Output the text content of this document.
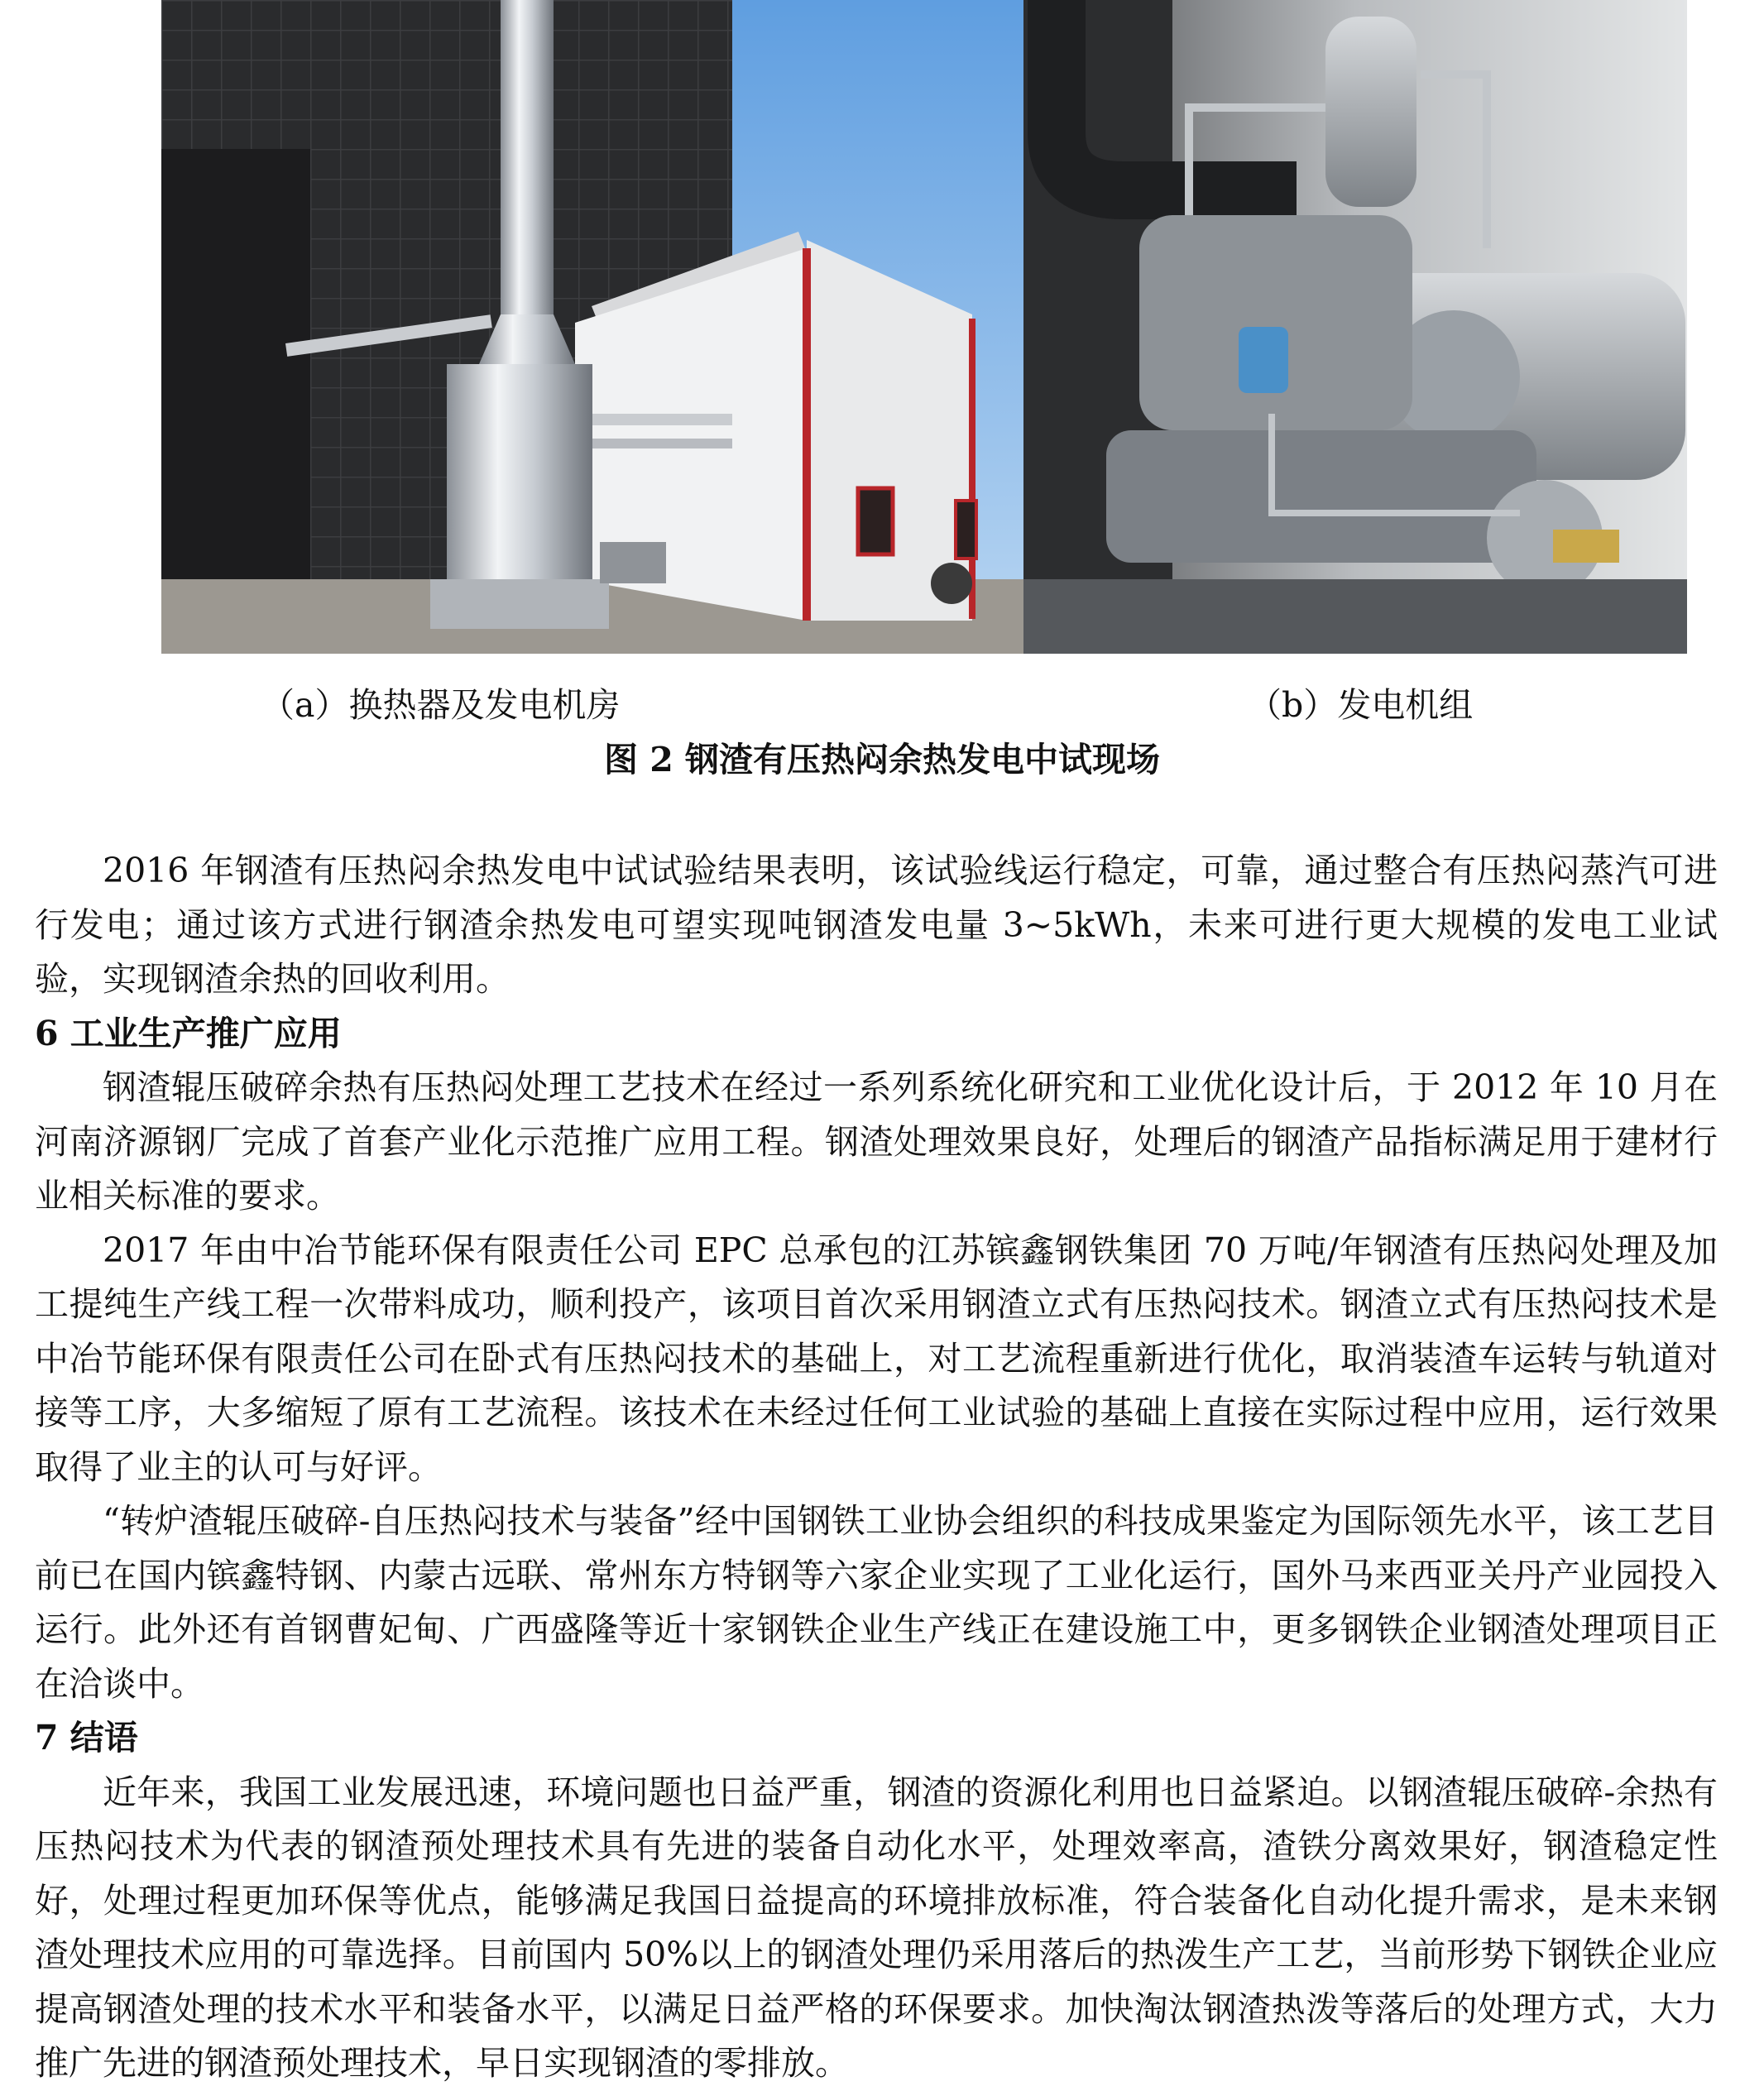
（a）换热器及发电机房	（b）发电机组
图 2 钢渣有压热闷余热发电中试现场

2016 年钢渣有压热闷余热发电中试试验结果表明，该试验线运行稳定，可靠，通过整合有压热闷蒸汽可进行发电；通过该方式进行钢渣余热发电可望实现吨钢渣发电量 3~5kWh，未来可进行更大规模的发电工业试验，实现钢渣余热的回收利用。

6 工业生产推广应用

钢渣辊压破碎余热有压热闷处理工艺技术在经过一系列系统化研究和工业优化设计后，于 2012 年 10 月在河南济源钢厂完成了首套产业化示范推广应用工程。钢渣处理效果良好，处理后的钢渣产品指标满足用于建材行业相关标准的要求。

2017 年由中冶节能环保有限责任公司 EPC 总承包的江苏镔鑫钢铁集团 70 万吨/年钢渣有压热闷处理及加工提纯生产线工程一次带料成功，顺利投产，该项目首次采用钢渣立式有压热闷技术。钢渣立式有压热闷技术是中冶节能环保有限责任公司在卧式有压热闷技术的基础上，对工艺流程重新进行优化，取消装渣车运转与轨道对接等工序，大多缩短了原有工艺流程。该技术在未经过任何工业试验的基础上直接在实际过程中应用，运行效果取得了业主的认可与好评。

“转炉渣辊压破碎-自压热闷技术与装备”经中国钢铁工业协会组织的科技成果鉴定为国际领先水平，该工艺目前已在国内镔鑫特钢、内蒙古远联、常州东方特钢等六家企业实现了工业化运行，国外马来西亚关丹产业园投入运行。此外还有首钢曹妃甸、广西盛隆等近十家钢铁企业生产线正在建设施工中，更多钢铁企业钢渣处理项目正在洽谈中。

7 结语

近年来，我国工业发展迅速，环境问题也日益严重，钢渣的资源化利用也日益紧迫。以钢渣辊压破碎-余热有压热闷技术为代表的钢渣预处理技术具有先进的装备自动化水平，处理效率高，渣铁分离效果好，钢渣稳定性好，处理过程更加环保等优点，能够满足我国日益提高的环境排放标准，符合装备化自动化提升需求，是未来钢渣处理技术应用的可靠选择。目前国内 50%以上的钢渣处理仍采用落后的热泼生产工艺，当前形势下钢铁企业应提高钢渣处理的技术水平和装备水平，以满足日益严格的环保要求。加快淘汰钢渣热泼等落后的处理方式，大力推广先进的钢渣预处理技术，早日实现钢渣的零排放。
